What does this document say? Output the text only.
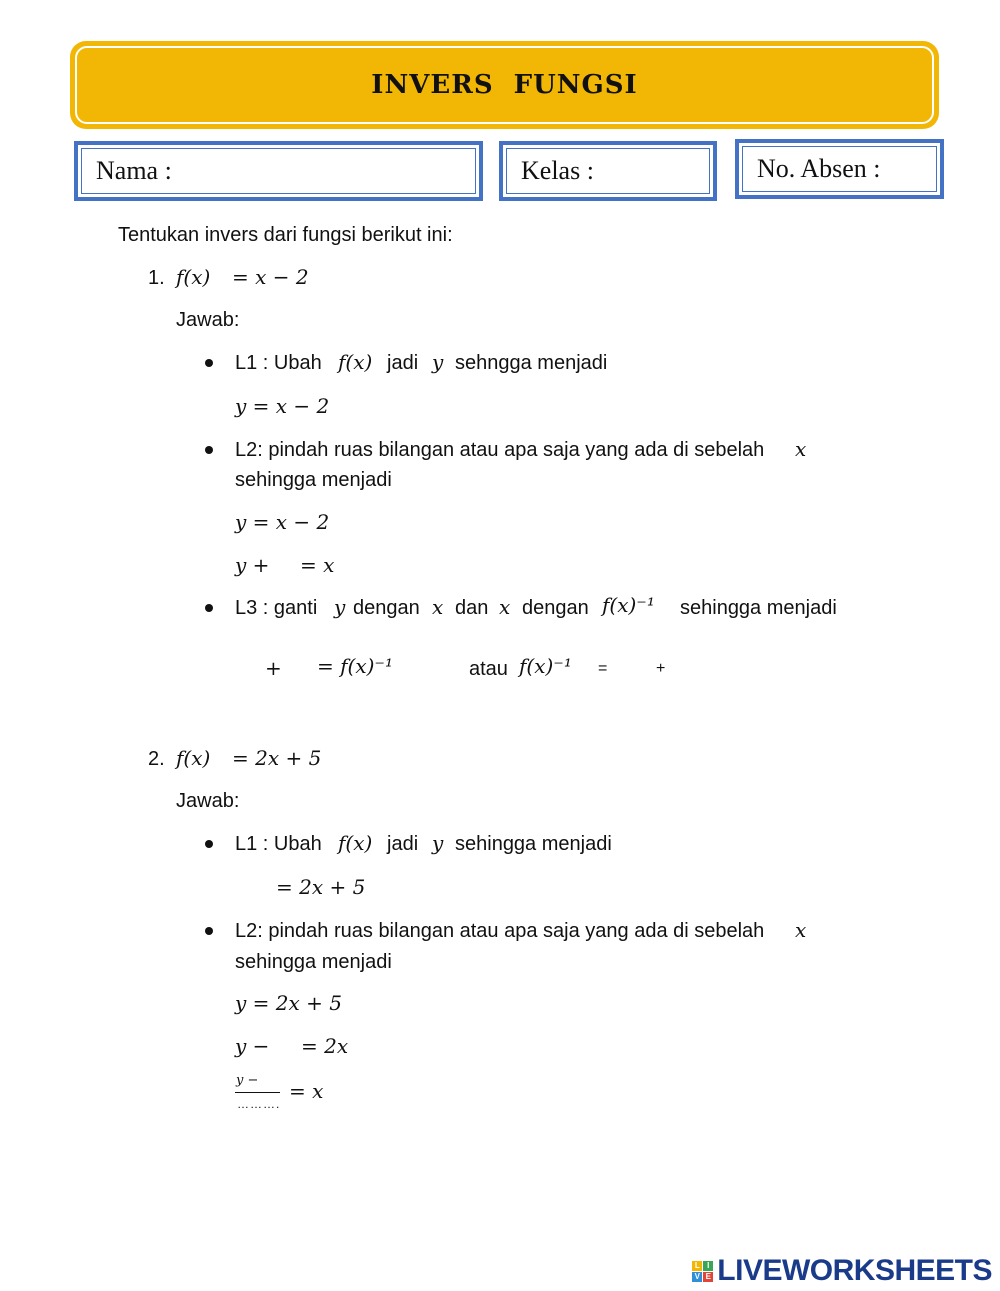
INVERS FUNGSI
Nama :	Kelas :	No. Absen :
Tentukan invers dari fungsi berikut ini:
1. f(x) = x − 2
Jawab:
L1 : Ubah f(x) jadi y sehngga menjadi
y = x − 2
L2: pindah ruas bilangan atau apa saja yang ada di sebelah x
sehingga menjadi
y = x − 2
y + = x
L3 : ganti y dengan x dan x dengan f(x)⁻¹ sehingga menjadi
+ = f(x)⁻¹	atau f(x)⁻¹ =	+
2. f(x) = 2x + 5
Jawab:
L1 : Ubah f(x) jadi y sehingga menjadi
= 2x + 5
L2: pindah ruas bilangan atau apa saja yang ada di sebelah x
sehingga menjadi
y = 2x + 5
y − = 2x
y −
……….
= x
L I
V E LIVEWORKSHEETS
